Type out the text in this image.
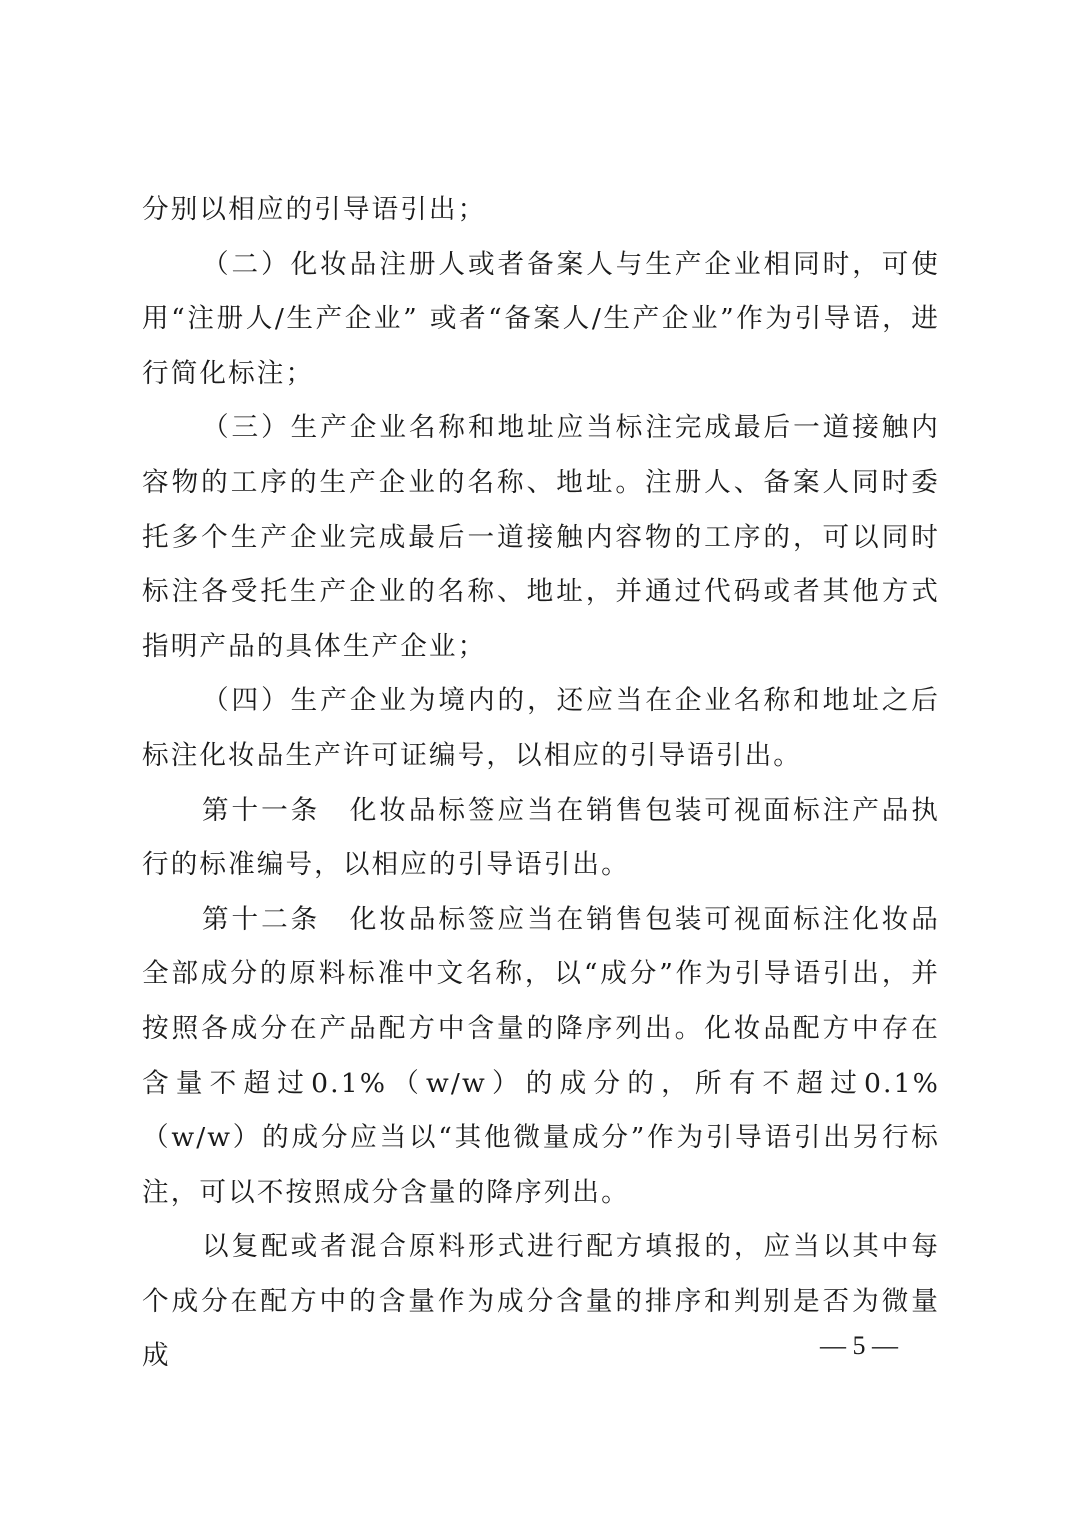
分别以相应的引导语引出；

（二）化妆品注册人或者备案人与生产企业相同时，可使用“注册人/生产企业” 或者“备案人/生产企业”作为引导语，进行简化标注；

（三）生产企业名称和地址应当标注完成最后一道接触内容物的工序的生产企业的名称、地址。注册人、备案人同时委托多个生产企业完成最后一道接触内容物的工序的，可以同时标注各受托生产企业的名称、地址，并通过代码或者其他方式指明产品的具体生产企业；

（四）生产企业为境内的，还应当在企业名称和地址之后标注化妆品生产许可证编号，以相应的引导语引出。

第十一条　化妆品标签应当在销售包装可视面标注产品执行的标准编号，以相应的引导语引出。

第十二条　化妆品标签应当在销售包装可视面标注化妆品全部成分的原料标准中文名称，以“成分”作为引导语引出，并按照各成分在产品配方中含量的降序列出。化妆品配方中存在含量不超过0.1%（w/w）的成分的，所有不超过0.1%（w/w）的成分应当以“其他微量成分”作为引导语引出另行标注，可以不按照成分含量的降序列出。

以复配或者混合原料形式进行配方填报的，应当以其中每个成分在配方中的含量作为成分含量的排序和判别是否为微量成	— 5 —
